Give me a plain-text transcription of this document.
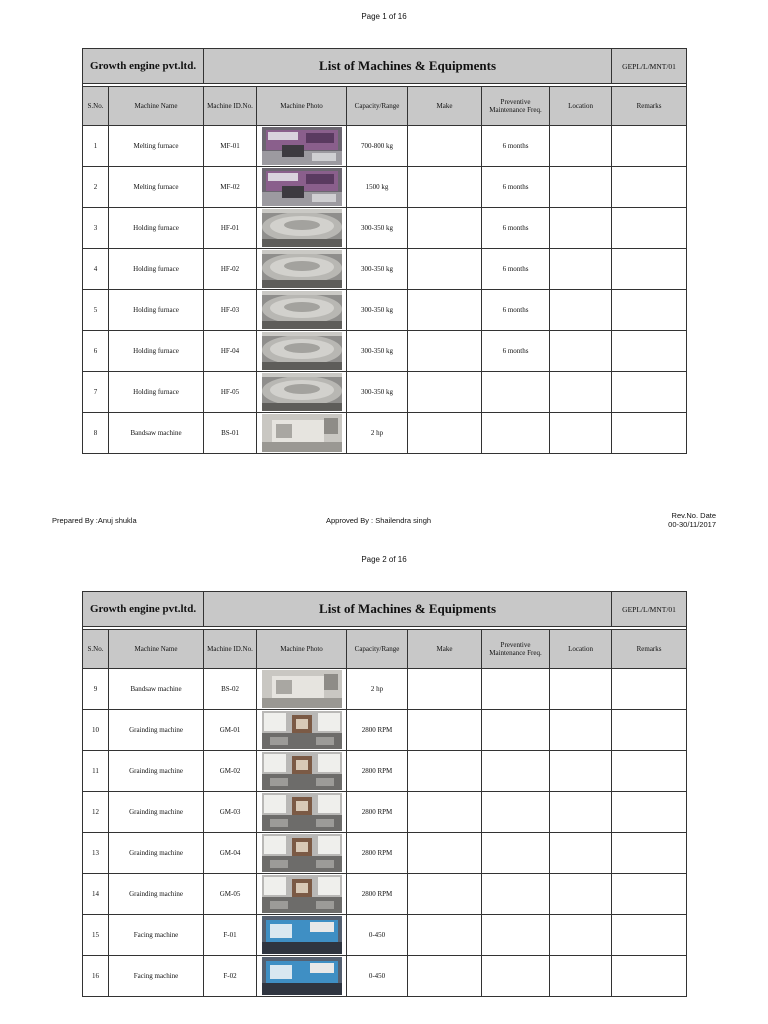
Page 1 of 16
Growth engine pvt.ltd.		List of Machines & Equipments						GEPL/L/MNT/01

S.No.	Machine Name	Machine ID.No.	Machine Photo	Capacity/Range	Make	Preventive Maintenance Freq.	Location	Remarks
1	Melting furnace	MF-01		700-800 kg		6 months		
2	Melting furnace	MF-02		1500 kg		6 months		
3	Holding furnace	HF-01		300-350 kg		6 months		
4	Holding furnace	HF-02		300-350 kg		6 months		
5	Holding furnace	HF-03		300-350 kg		6 months		
6	Holding furnace	HF-04		300-350 kg		6 months		
7	Holding furnace	HF-05		300-350 kg				
8	Bandsaw machine	BS-01		2 hp				
Prepared By :Anuj shukla	Approved By : Shailendra singh
Rev.No. Date
00-30/11/2017
Page 2 of 16
Growth engine pvt.ltd.		List of Machines & Equipments						GEPL/L/MNT/01

S.No.	Machine Name	Machine ID.No.	Machine Photo	Capacity/Range	Make	Preventive Maintenance Freq.	Location	Remarks
9	Bandsaw machine	BS-02		2 hp				
10	Grainding machine	GM-01		2800 RPM				
11	Grainding machine	GM-02		2800 RPM				
12	Grainding machine	GM-03		2800 RPM				
13	Grainding machine	GM-04		2800 RPM				
14	Grainding machine	GM-05		2800 RPM				
15	Facing machine	F-01		0-450				
16	Facing machine	F-02		0-450				
